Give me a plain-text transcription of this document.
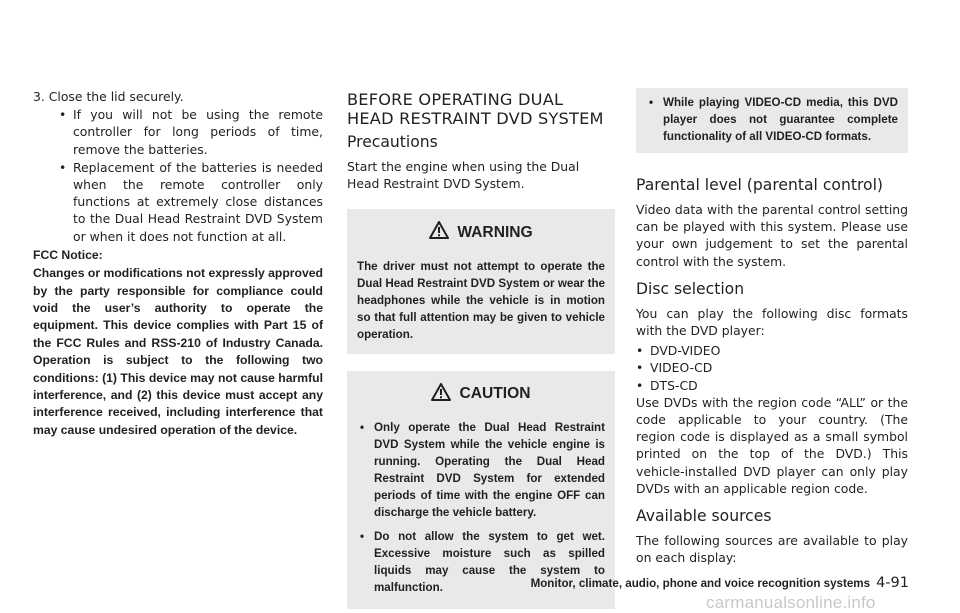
3. Close the lid securely.

• If you will not be using the remote controller for long periods of time, remove the batteries.
• Replacement of the batteries is needed when the remote controller only functions at extremely close distances to the Dual Head Restraint DVD System or when it does not function at all.

FCC Notice:

Changes or modifications not expressly approved by the party responsible for compliance could void the user’s authority to operate the equipment. This device complies with Part 15 of the FCC Rules and RSS-210 of Industry Canada. Operation is subject to the following two conditions: (1) This device may not cause harmful interference, and (2) this device must accept any interference received, including interference that may cause undesired operation of the device.

BEFORE OPERATING DUAL HEAD RESTRAINT DVD SYSTEM
Precautions

Start the engine when using the Dual Head Restraint DVD System.

WARNING

The driver must not attempt to operate the Dual Head Restraint DVD System or wear the headphones while the vehicle is in motion so that full attention may be given to vehicle operation.

CAUTION
• Only operate the Dual Head Restraint DVD System while the vehicle engine is running. Operating the Dual Head Restraint DVD System for extended periods of time with the engine OFF can discharge the vehicle battery.
• Do not allow the system to get wet. Excessive moisture such as spilled liquids may cause the system to malfunction.
• While playing VIDEO-CD media, this DVD player does not guarantee complete functionality of all VIDEO-CD formats.
Parental level (parental control)

Video data with the parental control setting can be played with this system. Please use your own judgement to set the parental control with the system.

Disc selection

You can play the following disc formats with the DVD player:

• DVD-VIDEO
• VIDEO-CD
• DTS-CD

Use DVDs with the region code “ALL” or the code applicable to your country. (The region code is displayed as a small symbol printed on the top of the DVD.) This vehicle-installed DVD player can only play DVDs with an applicable region code.

Available sources

The following sources are available to play on each display:

Monitor, climate, audio, phone and voice recognition systems 4-91
carmanualsonline.info
